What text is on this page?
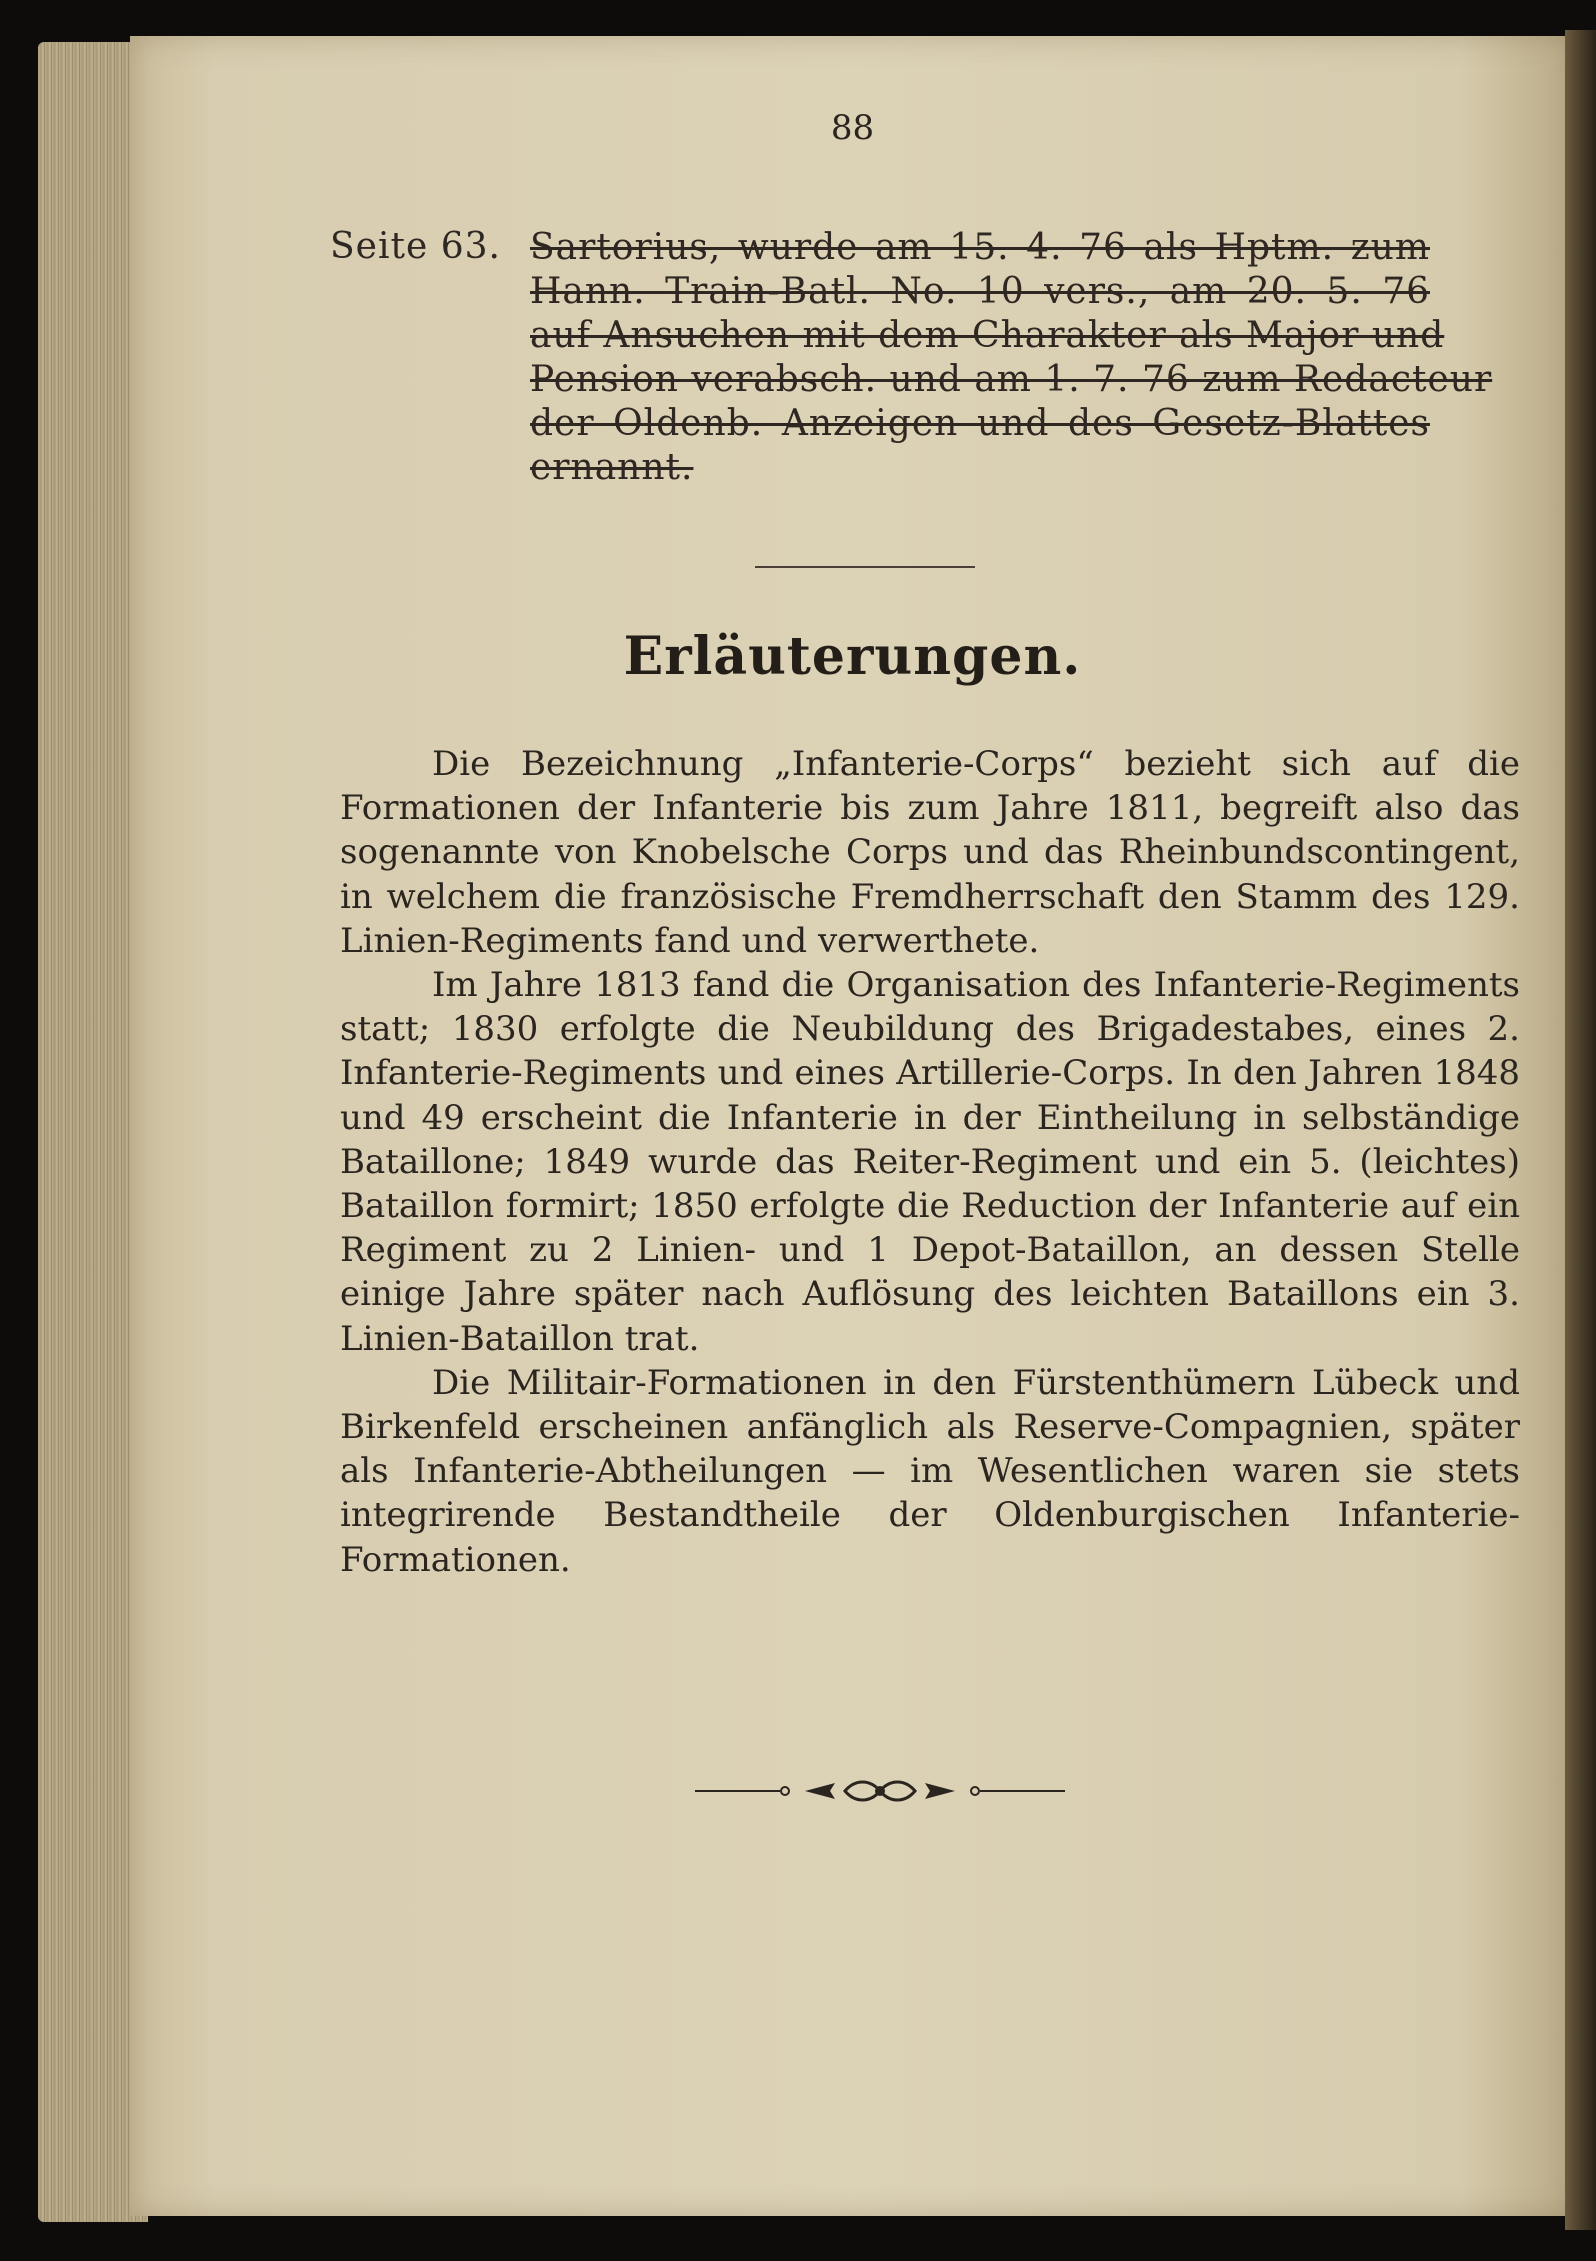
88
Seite 63. Sartorius, wurde am 15. 4. 76 als Hptm. zum
Hann. Train-Batl. No. 10 vers., am 20. 5. 76
auf Ansuchen mit dem Charakter als Major und
Pension verabsch. und am 1. 7. 76 zum Redacteur
der Oldenb. Anzeigen und des Gesetz-Blattes
ernannt.
Erläuterungen.

Die Bezeichnung „Infanterie-Corps“ bezieht sich auf die Formationen der Infanterie bis zum Jahre 1811, begreift also das sogenannte von Knobelsche Corps und das Rheinbundscontingent, in welchem die französische Fremdherrschaft den Stamm des 129. Linien-Regiments fand und verwerthete.

Im Jahre 1813 fand die Organisation des Infanterie-Regiments statt; 1830 erfolgte die Neubildung des Brigadestabes, eines 2. Infanterie-Regiments und eines Artillerie-Corps. In den Jahren 1848 und 49 erscheint die Infanterie in der Eintheilung in selbständige Bataillone; 1849 wurde das Reiter-Regiment und ein 5. (leichtes) Bataillon formirt; 1850 erfolgte die Reduction der Infanterie auf ein Regiment zu 2 Linien- und 1 Depot-Bataillon, an dessen Stelle einige Jahre später nach Auflösung des leichten Bataillons ein 3. Linien-Bataillon trat.

Die Militair-Formationen in den Fürstenthümern Lübeck und Birkenfeld erscheinen anfänglich als Reserve-Compagnien, später als Infanterie-Abtheilungen — im Wesentlichen waren sie stets integrirende Bestandtheile der Oldenburgischen Infanterie-Formationen.
